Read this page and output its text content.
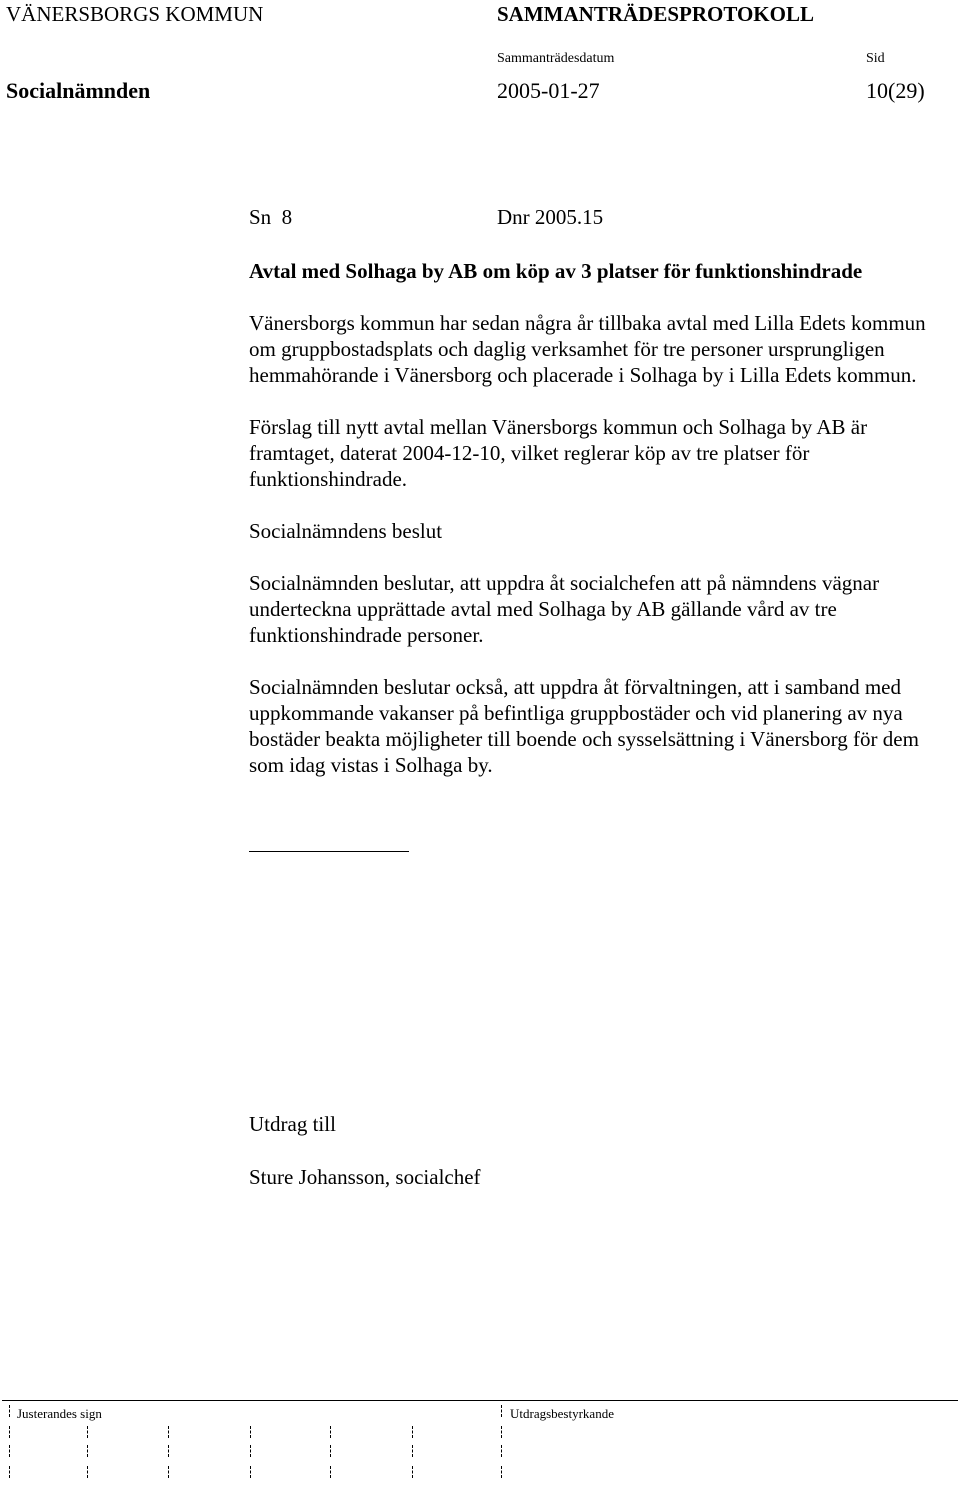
VÄNERSBORGS KOMMUN	SAMMANTRÄDESPROTOKOLL
Sammanträdesdatum	Sid
Socialnämnden	2005-01-27	10(29)
Sn  8	Dnr 2005.15

Avtal med Solhaga by AB om köp av 3 platser för funktionshindrade

Vänersborgs kommun har sedan några år tillbaka avtal med Lilla Edets kommun om gruppbostadsplats och daglig verksamhet för tre personer ursprungligen hemmahörande i Vänersborg och placerade i Solhaga by i Lilla Edets kommun.

Förslag till nytt avtal mellan Vänersborgs kommun och Solhaga by AB är framtaget, daterat 2004-12-10, vilket reglerar köp av tre platser för funktionshindrade.

Socialnämndens beslut

Socialnämnden beslutar, att uppdra åt socialchefen att på nämndens vägnar underteckna upprättade avtal med Solhaga by AB gällande vård av tre funktionshindrade personer.

Socialnämnden beslutar också, att uppdra åt förvaltningen, att i samband med uppkommande vakanser på befintliga gruppbostäder och vid planering av nya bostäder beakta möjligheter till boende och sysselsättning i Vänersborg för dem som idag vistas i Solhaga by.

Utdrag till
Sture Johansson, socialchef
Justerandes sign	Utdragsbestyrkande
